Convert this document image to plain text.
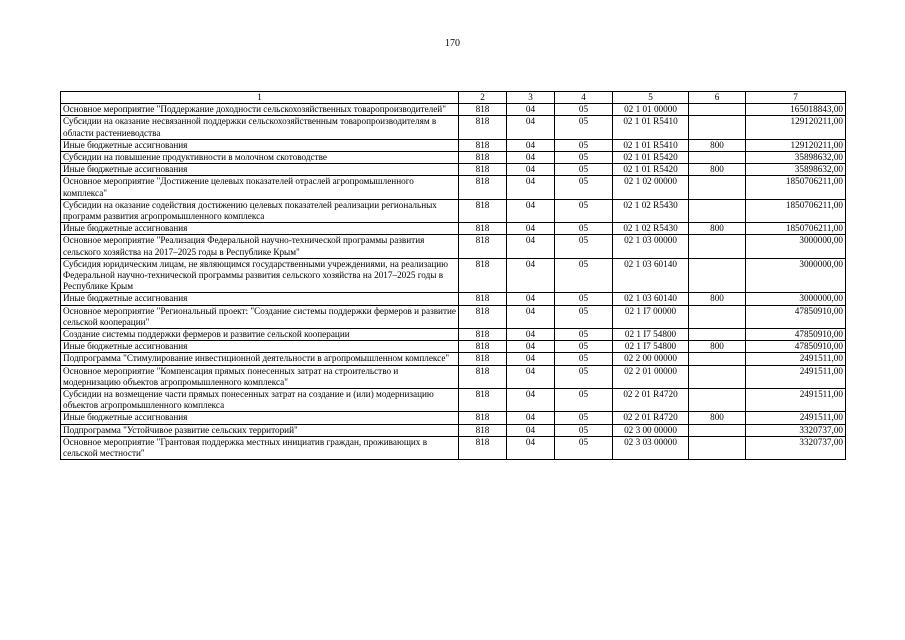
170
1	2	3	4	5	6	7
Основное мероприятие "Поддержание доходности сельскохозяйственных товаропроизводителей"	818	04	05	02 1 01 00000		165018843,00
Субсидии на оказание несвязанной поддержки сельскохозяйственным товаропроизводителям в области растениеводства	818	04	05	02 1 01 R5410		129120211,00
Иные бюджетные ассигнования	818	04	05	02 1 01 R5410	800	129120211,00
Субсидии на повышение продуктивности в молочном скотоводстве	818	04	05	02 1 01 R5420		35898632,00
Иные бюджетные ассигнования	818	04	05	02 1 01 R5420	800	35898632,00
Основное мероприятие "Достижение целевых показателей отраслей агропромышленного комплекса"	818	04	05	02 1 02 00000		1850706211,00
Субсидии на оказание содействия достижению целевых показателей реализации региональных программ развития агропромышленного комплекса	818	04	05	02 1 02 R5430		1850706211,00
Иные бюджетные ассигнования	818	04	05	02 1 02 R5430	800	1850706211,00
Основное мероприятие "Реализация Федеральной научно-технической программы развития сельского хозяйства на 2017–2025 годы в Республике Крым"	818	04	05	02 1 03 00000		3000000,00
Субсидия юридическим лицам, не являющимся государственными учреждениями, на реализацию Федеральной научно-технической программы развития сельского хозяйства на 2017–2025 годы в Республике Крым	818	04	05	02 1 03 60140		3000000,00
Иные бюджетные ассигнования	818	04	05	02 1 03 60140	800	3000000,00
Основное мероприятие "Региональный проект: "Создание системы поддержки фермеров и развитие сельской кооперации"	818	04	05	02 1 I7 00000		47850910,00
Создание системы поддержки фермеров и развитие сельской кооперации	818	04	05	02 1 I7 54800		47850910,00
Иные бюджетные ассигнования	818	04	05	02 1 I7 54800	800	47850910,00
Подпрограмма "Стимулирование инвестиционной деятельности в агропромышленном комплексе"	818	04	05	02 2 00 00000		2491511,00
Основное мероприятие "Компенсация прямых понесенных затрат на строительство и модернизацию объектов агропромышленного комплекса"	818	04	05	02 2 01 00000		2491511,00
Субсидии на возмещение части прямых понесенных затрат на создание и (или) модернизацию объектов агропромышленного комплекса	818	04	05	02 2 01 R4720		2491511,00
Иные бюджетные ассигнования	818	04	05	02 2 01 R4720	800	2491511,00
Подпрограмма "Устойчивое развитие сельских территорий"	818	04	05	02 3 00 00000		3320737,00
Основное мероприятие "Грантовая поддержка местных инициатив граждан, проживающих в сельской местности"	818	04	05	02 3 03 00000		3320737,00
